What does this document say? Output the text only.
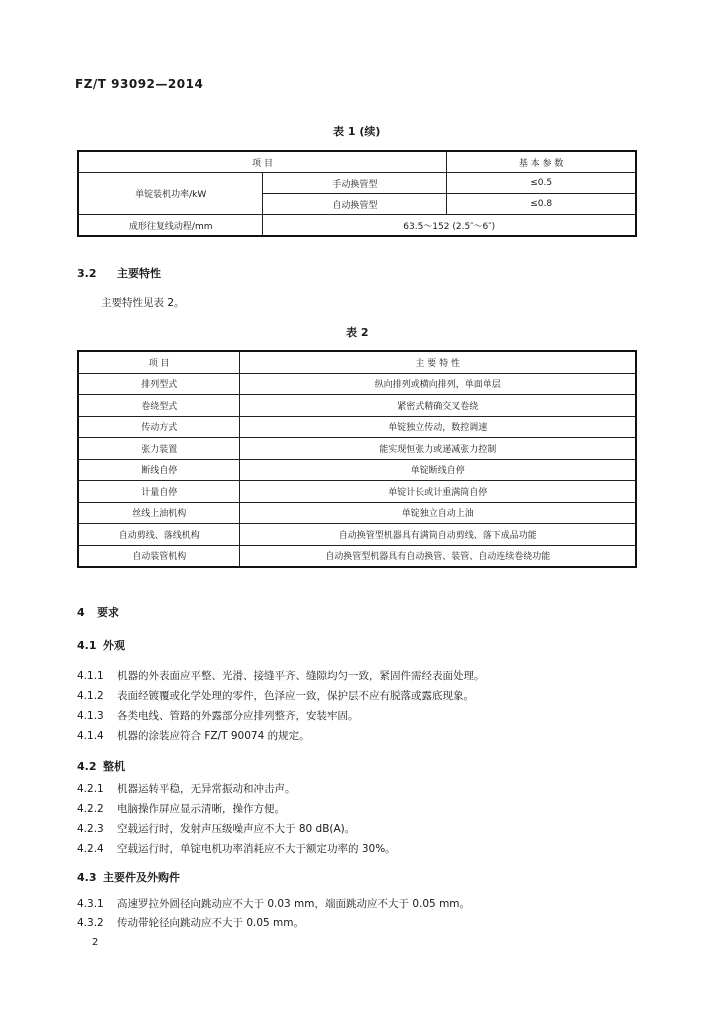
FZ/T 93092—2014
表 1 (续)
项 目		基 本 参 数
单锭装机功率/kW	手动换管型	≤0.5
	自动换管型	≤0.8
成形往复线动程/mm	63.5～152 (2.5″～6″)	
3.2 主要特性
主要特性见表 2。
表 2
项 目	主 要 特 性
排列型式	纵向排列或横向排列，单面单层
卷绕型式	紧密式精确交叉卷绕
传动方式	单锭独立传动，数控调速
张力装置	能实现恒张力或递减张力控制
断线自停	单锭断线自停
计量自停	单锭计长或计重满筒自停
丝线上油机构	单锭独立自动上油
自动剪线、落线机构	自动换管型机器具有满筒自动剪线、落下成品功能
自动装管机构	自动换管型机器具有自动换管、装管、自动连续卷绕功能
4 要求
4.1 外观
4.1.1 机器的外表面应平整、光滑、接缝平齐、缝隙均匀一致，紧固件需经表面处理。
4.1.2 表面经镀覆或化学处理的零件，色泽应一致，保护层不应有脱落或露底现象。
4.1.3 各类电线、管路的外露部分应排列整齐，安装牢固。
4.1.4 机器的涂装应符合 FZ/T 90074 的规定。
4.2 整机
4.2.1 机器运转平稳，无异常振动和冲击声。
4.2.2 电脑操作屏应显示清晰，操作方便。
4.2.3 空载运行时，发射声压级噪声应不大于 80 dB(A)。
4.2.4 空载运行时，单锭电机功率消耗应不大于额定功率的 30%。
4.3 主要件及外购件
4.3.1 高速罗拉外圆径向跳动应不大于 0.03 mm，端面跳动应不大于 0.05 mm。
4.3.2 传动带轮径向跳动应不大于 0.05 mm。
2
